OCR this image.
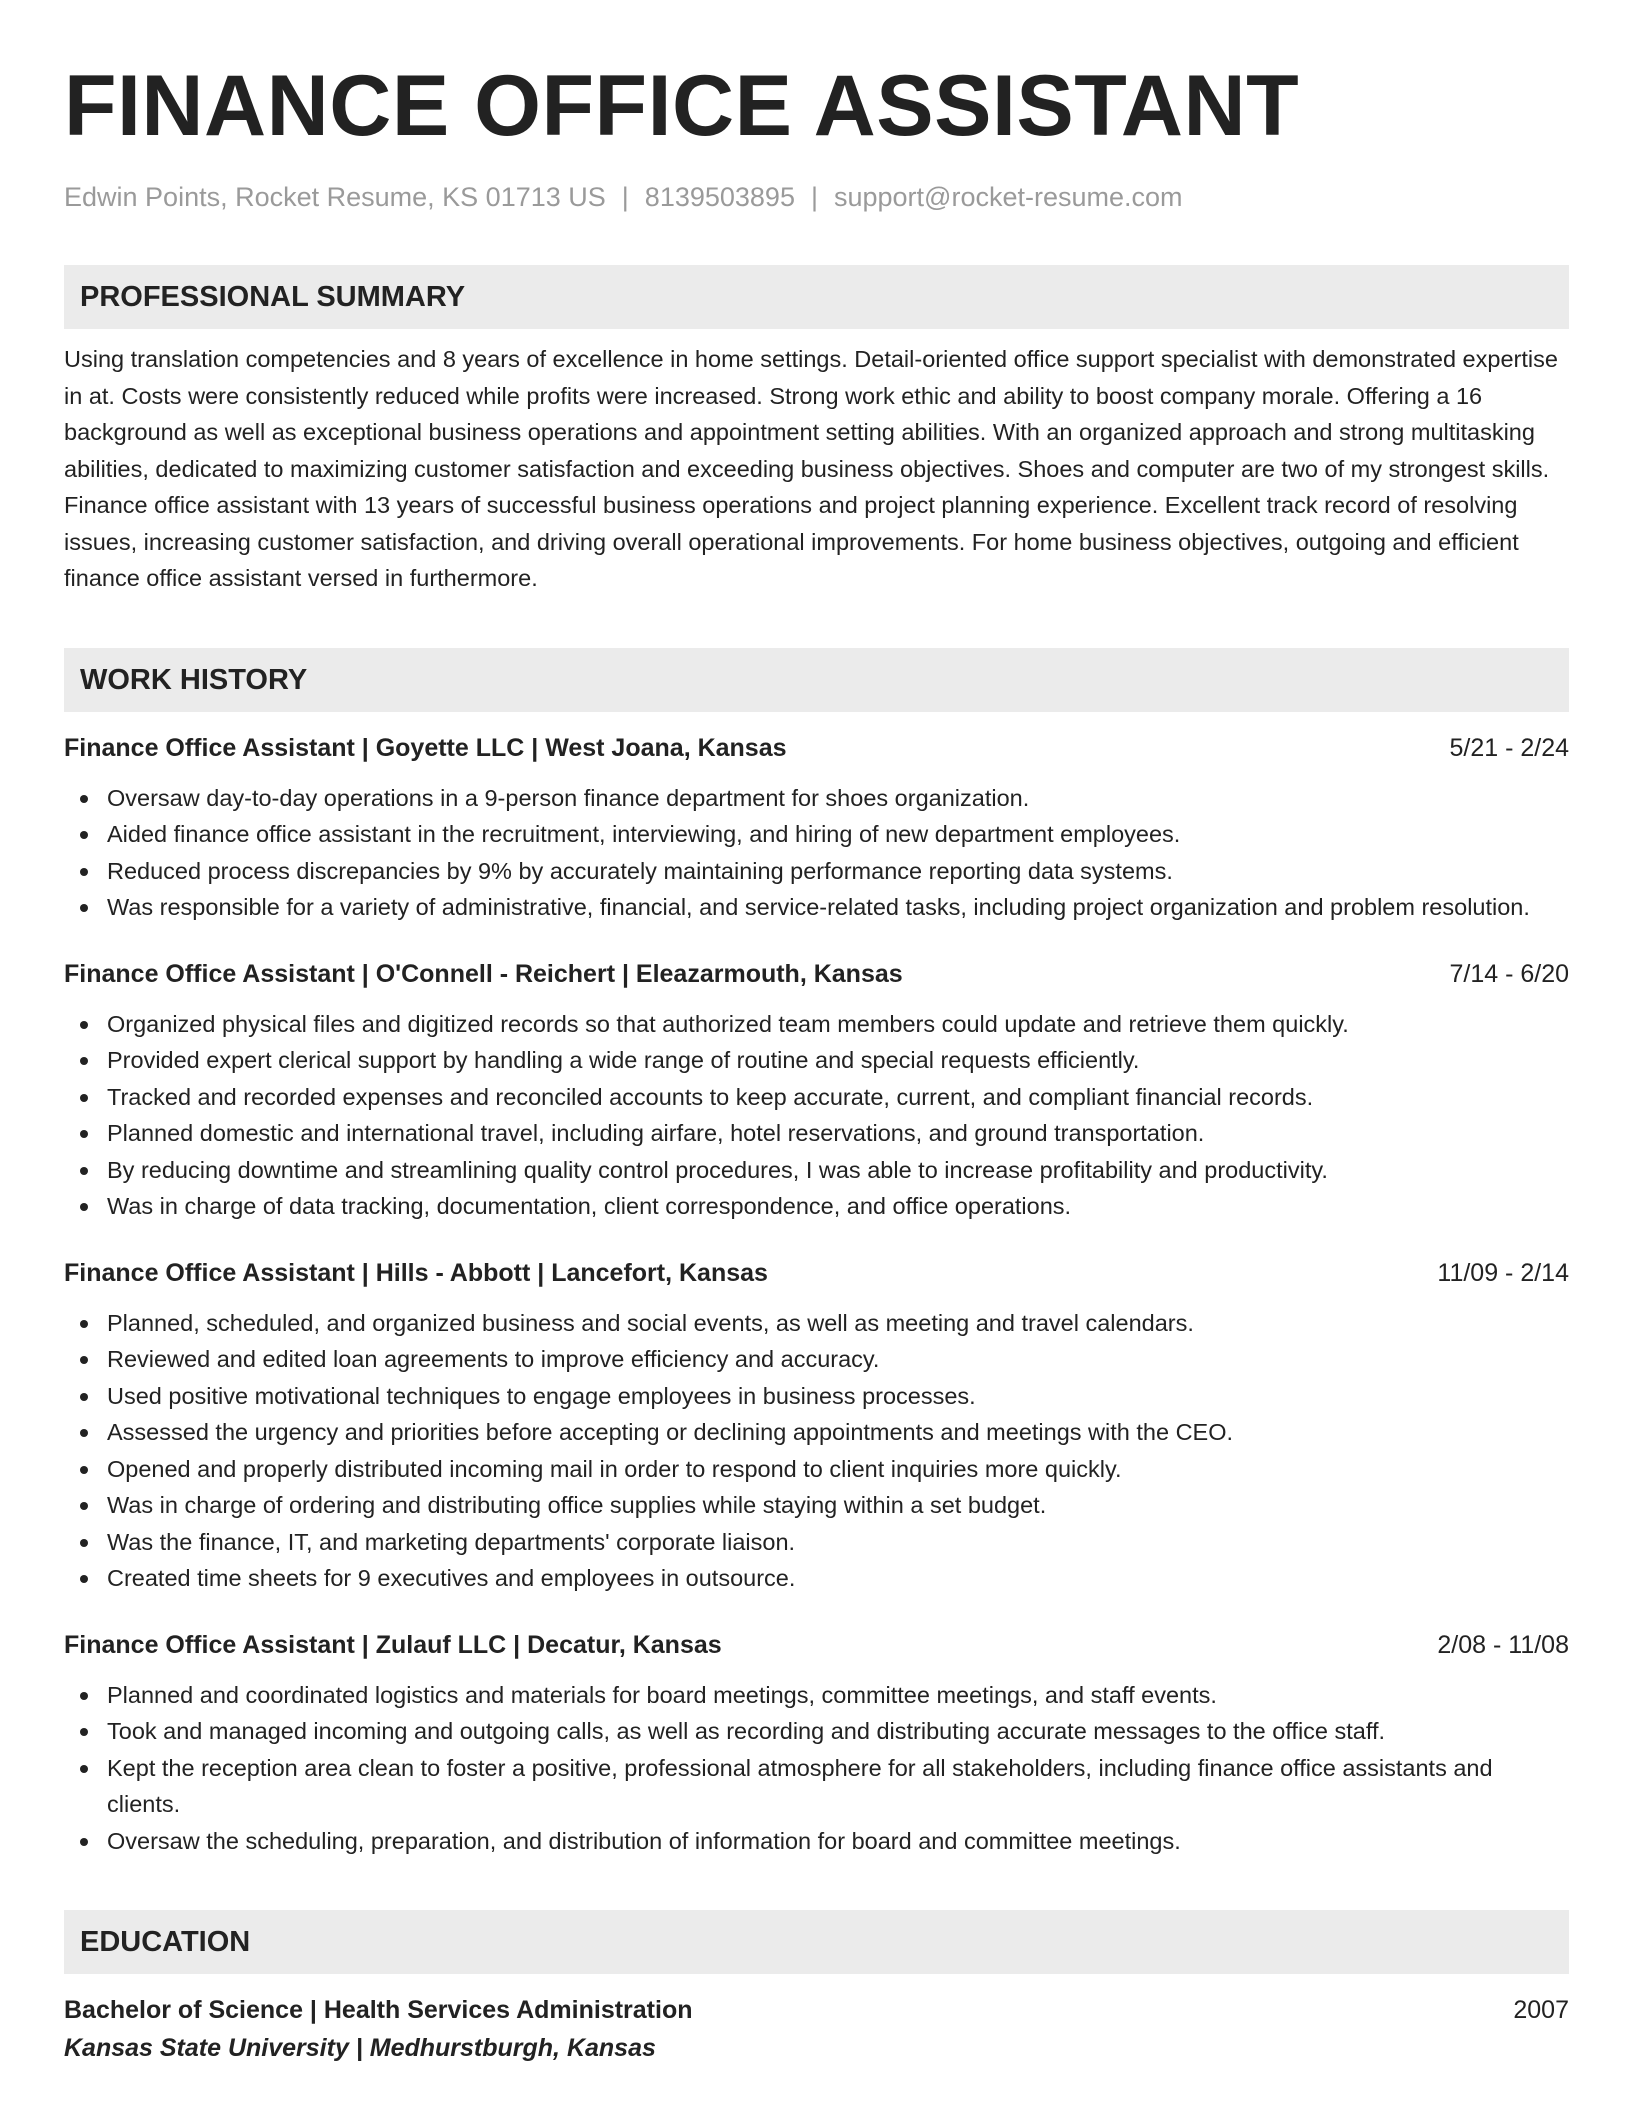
FINANCE OFFICE ASSISTANT
Edwin Points, Rocket Resume, KS 01713 US | 8139503895 | support@rocket-resume.com
PROFESSIONAL SUMMARY
Using translation competencies and 8 years of excellence in home settings. Detail-oriented office support specialist with demonstrated expertise in at. Costs were consistently reduced while profits were increased. Strong work ethic and ability to boost company morale. Offering a 16 background as well as exceptional business operations and appointment setting abilities. With an organized approach and strong multitasking abilities, dedicated to maximizing customer satisfaction and exceeding business objectives. Shoes and computer are two of my strongest skills. Finance office assistant with 13 years of successful business operations and project planning experience. Excellent track record of resolving issues, increasing customer satisfaction, and driving overall operational improvements. For home business objectives, outgoing and efficient finance office assistant versed in furthermore.
WORK HISTORY
Finance Office Assistant | Goyette LLC | West Joana, Kansas	5/21 - 2/24
Oversaw day-to-day operations in a 9-person finance department for shoes organization.
Aided finance office assistant in the recruitment, interviewing, and hiring of new department employees.
Reduced process discrepancies by 9% by accurately maintaining performance reporting data systems.
Was responsible for a variety of administrative, financial, and service-related tasks, including project organization and problem resolution.
Finance Office Assistant | O'Connell - Reichert | Eleazarmouth, Kansas	7/14 - 6/20
Organized physical files and digitized records so that authorized team members could update and retrieve them quickly.
Provided expert clerical support by handling a wide range of routine and special requests efficiently.
Tracked and recorded expenses and reconciled accounts to keep accurate, current, and compliant financial records.
Planned domestic and international travel, including airfare, hotel reservations, and ground transportation.
By reducing downtime and streamlining quality control procedures, I was able to increase profitability and productivity.
Was in charge of data tracking, documentation, client correspondence, and office operations.
Finance Office Assistant | Hills - Abbott | Lancefort, Kansas	11/09 - 2/14
Planned, scheduled, and organized business and social events, as well as meeting and travel calendars.
Reviewed and edited loan agreements to improve efficiency and accuracy.
Used positive motivational techniques to engage employees in business processes.
Assessed the urgency and priorities before accepting or declining appointments and meetings with the CEO.
Opened and properly distributed incoming mail in order to respond to client inquiries more quickly.
Was in charge of ordering and distributing office supplies while staying within a set budget.
Was the finance, IT, and marketing departments' corporate liaison.
Created time sheets for 9 executives and employees in outsource.
Finance Office Assistant | Zulauf LLC | Decatur, Kansas	2/08 - 11/08
Planned and coordinated logistics and materials for board meetings, committee meetings, and staff events.
Took and managed incoming and outgoing calls, as well as recording and distributing accurate messages to the office staff.
Kept the reception area clean to foster a positive, professional atmosphere for all stakeholders, including finance office assistants and clients.
Oversaw the scheduling, preparation, and distribution of information for board and committee meetings.
EDUCATION
Bachelor of Science | Health Services Administration	2007
Kansas State University | Medhurstburgh, Kansas
